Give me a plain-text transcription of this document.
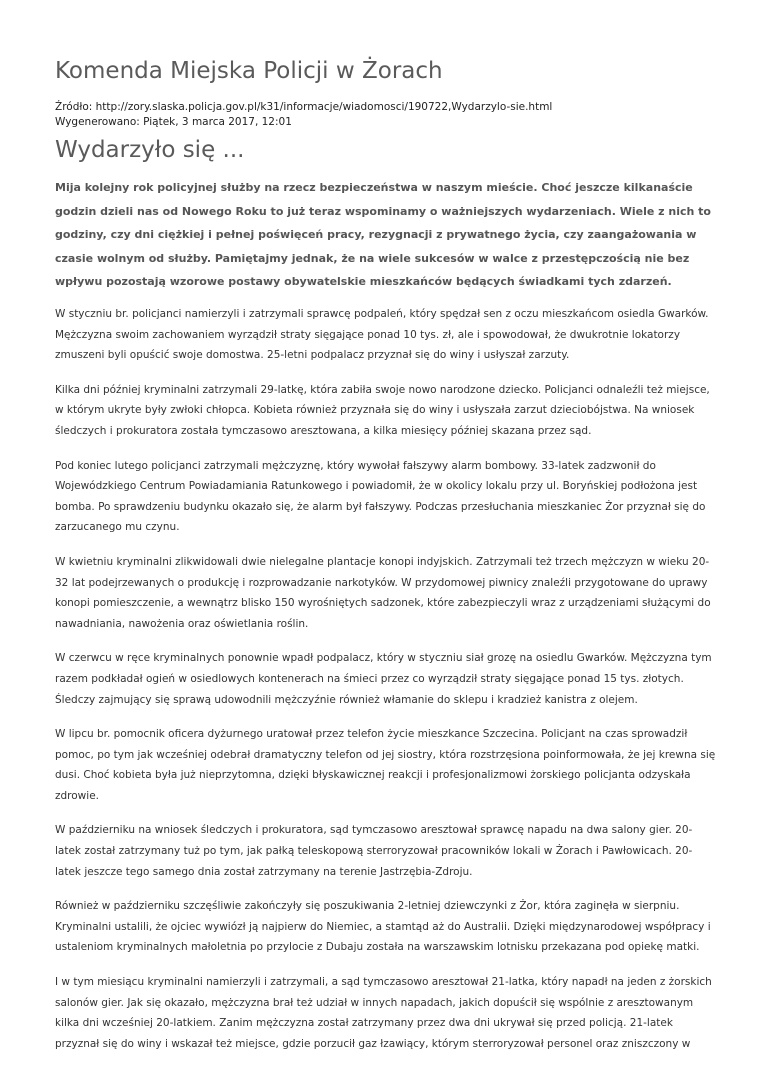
Komenda Miejska Policji w Żorach
Źródło: http://zory.slaska.policja.gov.pl/k31/informacje/wiadomosci/190722,Wydarzylo-sie.html
Wygenerowano: Piątek, 3 marca 2017, 12:01
Wydarzyło się ...

Mija kolejny rok policyjnej służby na rzecz bezpieczeństwa w naszym mieście. Choć jeszcze kilkanaście godzin dzieli nas od Nowego Roku to już teraz wspominamy o ważniejszych wydarzeniach. Wiele z nich to godziny, czy dni ciężkiej i pełnej poświęceń pracy, rezygnacji z prywatnego życia, czy zaangażowania w czasie wolnym od służby. Pamiętajmy jednak, że na wiele sukcesów w walce z przestępczością nie bez wpływu pozostają wzorowe postawy obywatelskie mieszkańców będących świadkami tych zdarzeń.

W styczniu br. policjanci namierzyli i zatrzymali sprawcę podpaleń, który spędzał sen z oczu mieszkańcom osiedla Gwarków. Mężczyzna swoim zachowaniem wyrządził straty sięgające ponad 10 tys. zł, ale i spowodował, że dwukrotnie lokatorzy zmuszeni byli opuścić swoje domostwa. 25-letni podpalacz przyznał się do winy i usłyszał zarzuty.

Kilka dni później kryminalni zatrzymali 29-latkę, która zabiła swoje nowo narodzone dziecko. Policjanci odnaleźli też miejsce, w którym ukryte były zwłoki chłopca. Kobieta również przyznała się do winy i usłyszała zarzut dzieciobójstwa. Na wniosek śledczych i prokuratora została tymczasowo aresztowana, a kilka miesięcy później skazana przez sąd.

Pod koniec lutego policjanci zatrzymali mężczyznę, który wywołał fałszywy alarm bombowy. 33-latek zadzwonił do Wojewódzkiego Centrum Powiadamiania Ratunkowego i powiadomił, że w okolicy lokalu przy ul. Boryńskiej podłożona jest bomba. Po sprawdzeniu budynku okazało się, że alarm był fałszywy. Podczas przesłuchania mieszkaniec Żor przyznał się do zarzucanego mu czynu.

W kwietniu kryminalni zlikwidowali dwie nielegalne plantacje konopi indyjskich. Zatrzymali też trzech mężczyzn w wieku 20-32 lat podejrzewanych o produkcję i rozprowadzanie narkotyków. W przydomowej piwnicy znaleźli przygotowane do uprawy konopi pomieszczenie, a wewnątrz blisko 150 wyrośniętych sadzonek, które zabezpieczyli wraz z urządzeniami służącymi do nawadniania, nawożenia oraz oświetlania roślin.

W czerwcu w ręce kryminalnych ponownie wpadł podpalacz, który w styczniu siał grozę na osiedlu Gwarków. Mężczyzna tym razem podkładał ogień w osiedlowych kontenerach na śmieci przez co wyrządził straty sięgające ponad 15 tys. złotych. Śledczy zajmujący się sprawą udowodnili mężczyźnie również włamanie do sklepu i kradzież kanistra z olejem.

W lipcu br. pomocnik oficera dyżurnego uratował przez telefon życie mieszkance Szczecina. Policjant na czas sprowadził pomoc, po tym jak wcześniej odebrał dramatyczny telefon od jej siostry, która rozstrzęsiona poinformowała, że jej krewna się dusi. Choć kobieta była już nieprzytomna, dzięki błyskawicznej reakcji i profesjonalizmowi żorskiego policjanta odzyskała zdrowie.

W październiku na wniosek śledczych i prokuratora, sąd tymczasowo aresztował sprawcę napadu na dwa salony gier. 20-latek został zatrzymany tuż po tym, jak pałką teleskopową sterroryzował pracowników lokali w Żorach i Pawłowicach. 20-latek jeszcze tego samego dnia został zatrzymany na terenie Jastrzębia-Zdroju.

Również w październiku szczęśliwie zakończyły się poszukiwania 2-letniej dziewczynki z Żor, która zaginęła w sierpniu. Kryminalni ustalili, że ojciec wywiózł ją najpierw do Niemiec, a stamtąd aż do Australii. Dzięki międzynarodowej współpracy i ustaleniom kryminalnych małoletnia po przylocie z Dubaju została na warszawskim lotnisku przekazana pod opiekę matki.

I w tym miesiącu kryminalni namierzyli i zatrzymali, a sąd tymczasowo aresztował 21-latka, który napadł na jeden z żorskich salonów gier. Jak się okazało, mężczyzna brał też udział w innych napadach, jakich dopuścił się wspólnie z aresztowanym kilka dni wcześniej 20-latkiem. Zanim mężczyzna został zatrzymany przez dwa dni ukrywał się przed policją. 21-latek przyznał się do winy i wskazał też miejsce, gdzie porzucił gaz łzawiący, którym sterroryzował personel oraz zniszczony w
